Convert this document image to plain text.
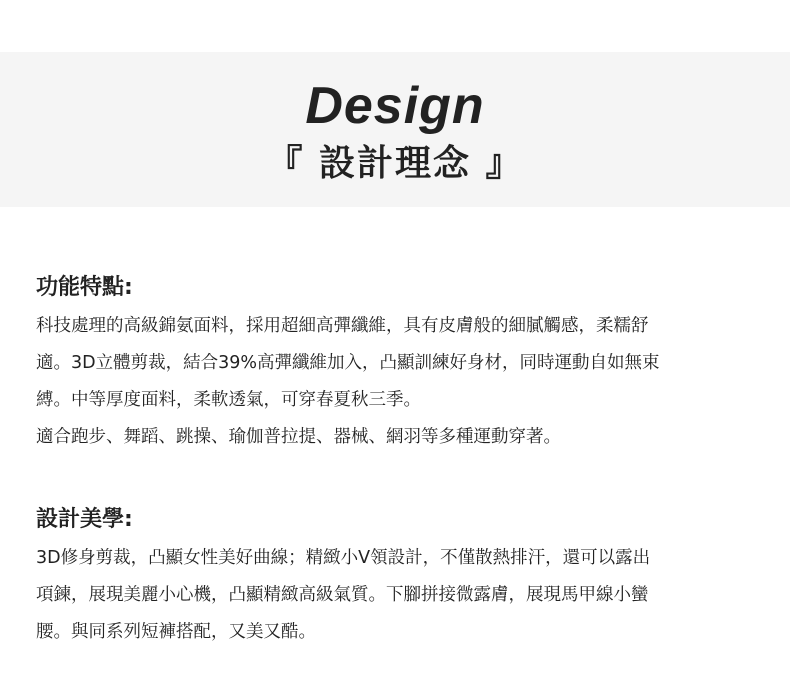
Design
『 設計理念 』
功能特點:

科技處理的高級錦氨面料，採用超細高彈纖維，具有皮膚般的細膩觸感，柔糯舒

適。3D立體剪裁，結合39%高彈纖維加入，凸顯訓練好身材，同時運動自如無束

縛。中等厚度面料，柔軟透氣，可穿春夏秋三季。

適合跑步、舞蹈、跳操、瑜伽普拉提、器械、網羽等多種運動穿著。

設計美學:

3D修身剪裁，凸顯女性美好曲線；精緻小V領設計，不僅散熱排汗，還可以露出

項鍊，展現美麗小心機，凸顯精緻高級氣質。下腳拼接微露膚，展現馬甲線小蠻

腰。與同系列短褲搭配，又美又酷。
